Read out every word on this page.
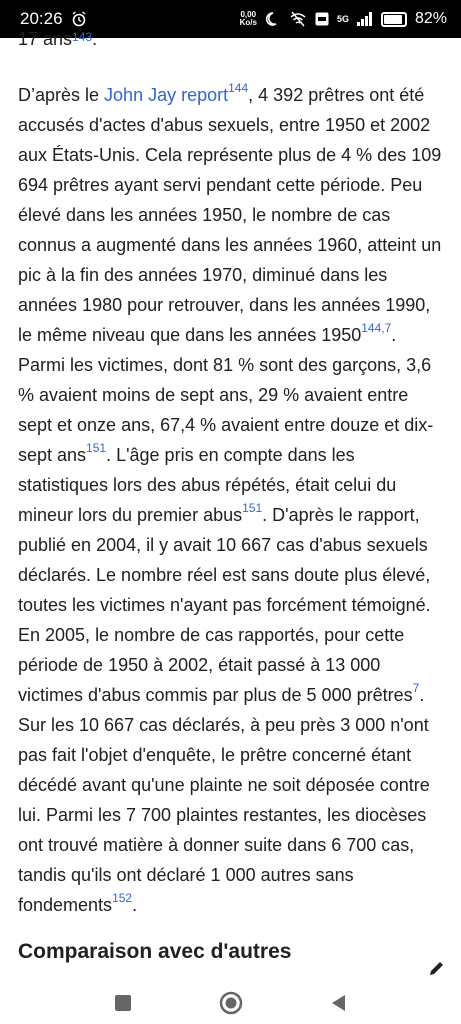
20:26	0,00
Ko/s	5G	82%
17 ans$^{143}$.

D’après le John Jay report$^{144}$, 4 392 prêtres ont été accusés d'actes d'abus sexuels, entre 1950 et 2002 aux États-Unis. Cela représente plus de 4 % des 109 694 prêtres ayant servi pendant cette période. Peu élevé dans les années 1950, le nombre de cas connus a augmenté dans les années 1960, atteint un pic à la fin des années 1970, diminué dans les années 1980 pour retrouver, dans les années 1990, le même niveau que dans les années 1950$^{144,7}$. Parmi les victimes, dont 81 % sont des garçons, 3,6 % avaient moins de sept ans, 29 % avaient entre sept et onze ans, 67,4 % avaient entre douze et dix-sept ans$^{151}$. L'âge pris en compte dans les statistiques lors des abus répétés, était celui du mineur lors du premier abus$^{151}$. D'après le rapport, publié en 2004, il y avait 10 667 cas d'abus sexuels déclarés. Le nombre réel est sans doute plus élevé, toutes les victimes n'ayant pas forcément témoigné. En 2005, le nombre de cas rapportés, pour cette période de 1950 à 2002, était passé à 13 000 victimes d'abus commis par plus de 5 000 prêtres$^7$. Sur les 10 667 cas déclarés, à peu près 3 000 n'ont pas fait l'objet d'enquête, le prêtre concerné étant décédé avant qu'une plainte ne soit déposée contre lui. Parmi les 7 700 plaintes restantes, les diocèses ont trouvé matière à donner suite dans 6 700 cas, tandis qu'ils ont déclaré 1 000 autres sans fondements$^{152}$.

Comparaison avec d'autres
